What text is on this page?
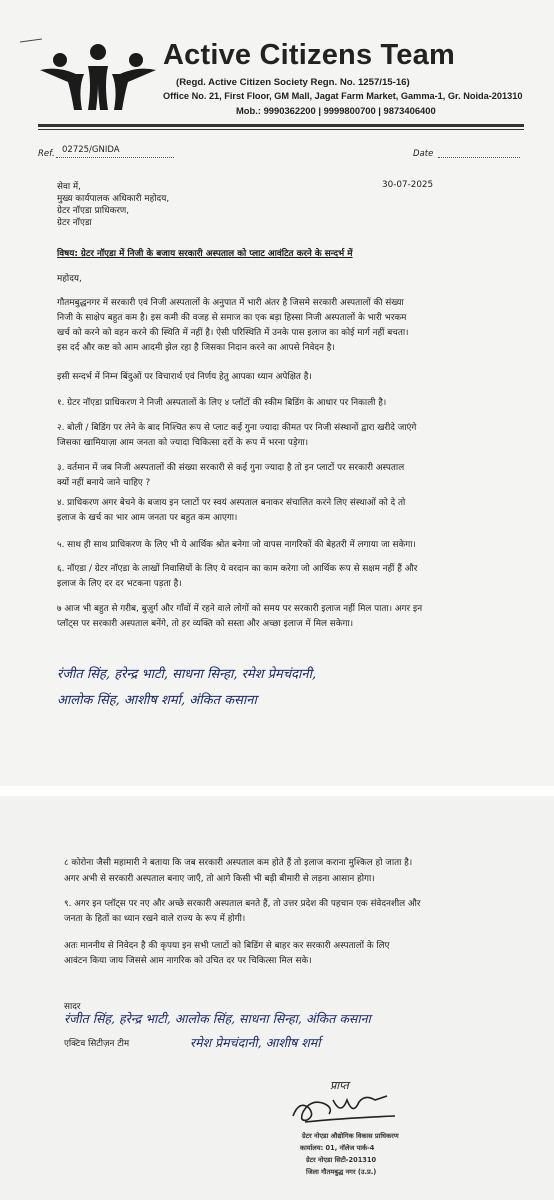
Active Citizens Team
(Regd. Active Citizen Society Regn. No. 1257/15-16)
Office No. 21, First Floor, GM Mall, Jagat Farm Market, Gamma-1, Gr. Noida-201310
Mob.: 9990362200 | 9999800700 | 9873406400
Ref. 02725/GNIDA	Date
सेवा में,	30-07-2025
मुख्य कार्यपालक अधिकारी महोदय,
ग्रेटर नॉएडा प्राधिकरण,
ग्रेटर नॉएडा
विषय: ग्रेटर नॉएडा में निजी के बजाय सरकारी अस्पताल को प्लाट आवंटित करने के सन्दर्भ में
महोदय,
गौतमबुद्धनगर में सरकारी एवं निजी अस्पतालों के अनुपात में भारी अंतर है जिसमे सरकारी अस्पतालों की संख्या
निजी के साक्षेप बहुत कम है। इस कमी की वजह से समाज का एक बड़ा हिस्सा निजी अस्पतालों के भारी भरकम
खर्च को करने को वहन करने की स्थिति में नहीं है। ऐसी परिस्थिति में उनके पास इलाज का कोई मार्ग नहीं बचता।
इस दर्द और कष्ट को आम आदमी झेल रहा है जिसका निदान करने का आपसे निवेदन है।
इसी सन्दर्भ में निम्न बिंदुओं पर विचारार्थ एवं निर्णय हेतु आपका ध्यान अपेक्षित है।
१. ग्रेटर नॉएडा प्राधिकरण ने निजी अस्पतालों के लिए ४ प्लॉटों की स्कीम बिडिंग के आधार पर निकाली है।
२. बोली / बिडिंग पर लेने के बाद निश्चित रूप से प्लाट कई गुना ज्यादा कीमत पर निजी संस्थानों द्वारा खरीदे जाएंगे
जिसका खामियाज़ा आम जनता को ज्यादा चिकित्सा दरों के रूप में भरना पड़ेगा।
३. वर्तमान में जब निजी अस्पतालों की संख्या सरकारी से कई गुना ज्यादा है तो इन प्लाटों पर सरकारी अस्पताल
क्यों नहीं बनाये जाने चाहिए ?
४. प्राधिकरण अगर बेचने के बजाय इन प्लाटों पर स्वयं अस्पताल बनाकर संचालित करने लिए संस्थाओं को दे तो
इलाज के खर्च का भार आम जनता पर बहुत कम आएगा।
५. साथ ही साथ प्राधिकरण के लिए भी ये आर्थिक श्रोत बनेगा जो वापस नागरिकों की बेहतरी में लगाया जा सकेगा।
६. नॉएडा / ग्रेटर नॉएडा के लाखों निवासियों के लिए ये वरदान का काम करेगा जो आर्थिक रूप से सक्षम नहीं हैं और
इलाज के लिए दर दर भटकना पड़ता है।
७ आज भी बहुत से गरीब, बुज़ुर्ग और गाँवों में रहने वाले लोगों को समय पर सरकारी इलाज नहीं मिल पाता। अगर इन
प्लॉट्स पर सरकारी अस्पताल बनेंगे, तो हर व्यक्ति को सस्ता और अच्छा इलाज में मिल सकेगा।
रंजीत सिंह, हरेन्द्र भाटी, साधना सिन्हा, रमेश प्रेमचंदानी,
आलोक सिंह, आशीष शर्मा, अंकित कसाना
८ कोरोना जैसी महामारी ने बताया कि जब सरकारी अस्पताल कम होते हैं तो इलाज कराना मुश्किल हो जाता है।
अगर अभी से सरकारी अस्पताल बनाए जाएँ, तो आगे किसी भी बड़ी बीमारी से लड़ना आसान होगा।
९. अगर इन प्लॉट्स पर नए और अच्छे सरकारी अस्पताल बनते हैं, तो उत्तर प्रदेश की पहचान एक संवेदनशील और
जनता के हितों का ध्यान रखने वाले राज्य के रूप में होगी।
अतः माननीय से निवेदन है की कृपया इन सभी प्लाटों को बिडिंग से बाहर कर सरकारी अस्पतालों के लिए
आवंटन किया जाय जिससे आम नागरिक को उचित दर पर चिकित्सा मिल सके।
सादर
रंजीत सिंह, हरेन्द्र भाटी, आलोक सिंह, साधना सिन्हा, अंकित कसाना
एक्टिव सिटीज़न टीम	रमेश प्रेमचंदानी, आशीष शर्मा
प्राप्त
ग्रेटर नोएडा औद्योगिक विकास प्राधिकरण
कार्यालय: 01, नॉलेज पार्क-4
ग्रेटर नोएडा सिटी-201310
जिला गौतमबुद्ध नगर (उ.प्र.)
